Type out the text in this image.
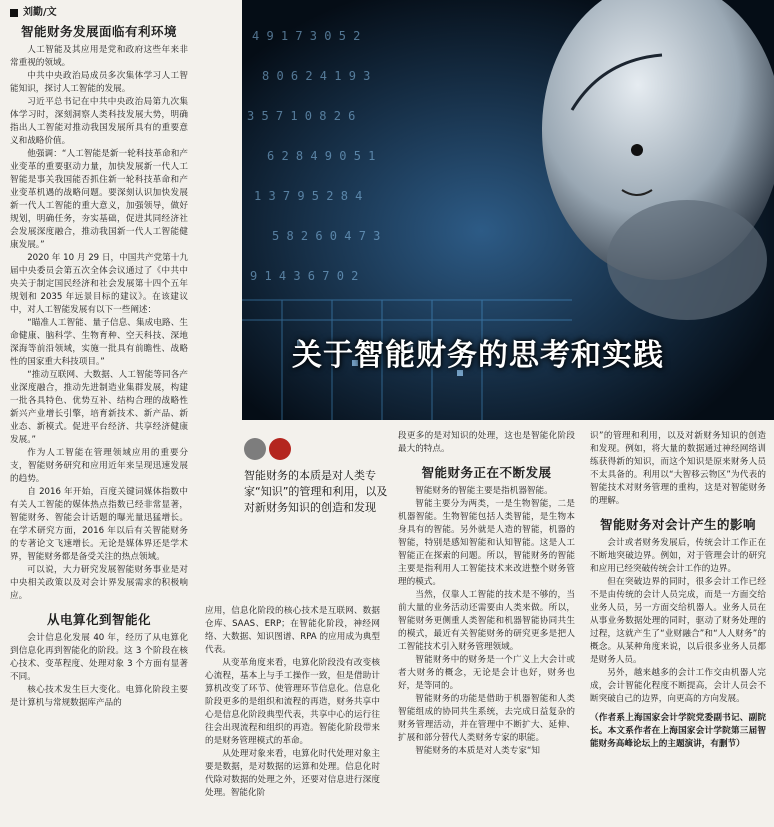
刘勤/文
智能财务发展面临有利环境

人工智能及其应用是党和政府这些年来非常重视的领域。

中共中央政治局成员多次集体学习人工智能知识，探讨人工智能的发展。

习近平总书记在中共中央政治局第九次集体学习时，深刻洞察人类科技发展大势，明确指出人工智能对推动我国发展所具有的重要意义和战略价值。

他强调：“人工智能是新一轮科技革命和产业变革的重要驱动力量，加快发展新一代人工智能是事关我国能否抓住新一轮科技革命和产业变革机遇的战略问题。要深刻认识加快发展新一代人工智能的重大意义，加强领导，做好规划，明确任务，夯实基础，促进其同经济社会发展深度融合，推动我国新一代人工智能健康发展。”

2020 年 10 月 29 日，中国共产党第十九届中央委员会第五次全体会议通过了《中共中央关于制定国民经济和社会发展第十四个五年规划和 2035 年远景目标的建议》。在该建议中，对人工智能发展有以下一些阐述：

“瞄准人工智能、量子信息、集成电路、生命健康、脑科学、生物育种、空天科技、深地深海等前沿领域，实施一批具有前瞻性、战略性的国家重大科技项目。”

“推动互联网、大数据、人工智能等同各产业深度融合，推动先进制造业集群发展，构建一批各具特色、优势互补、结构合理的战略性新兴产业增长引擎，培育新技术、新产品、新业态、新模式。促进平台经济、共享经济健康发展。”

作为人工智能在管理领域应用的重要分支，智能财务研究和应用近年来呈现迅速发展的趋势。

自 2016 年开始，百度关键词媒体指数中有关人工智能的媒体热点指数已经非常显著，智能财务、智能会计话题的曝光量迅猛增长。在学术研究方面，2016 年以后有关智能财务的专著论文飞速增长。无论是媒体界还是学术界，智能财务都是备受关注的热点领域。

可以说，大力研究发展智能财务事业是对中央相关政策以及对会计界发展需求的积极响应。

从电算化到智能化

会计信息化发展 40 年，经历了从电算化到信息化再到智能化的阶段。这 3 个阶段在核心技术、变革程度、处理对象 3 个方面有显著不同。

核心技术发生巨大变化。电算化阶段主要是计算机与常规数据库产品的

4 9 1 7 3 0 5 2
8 0 6 2 4 1 9 3
3 5 7 1 0 8 2 6
6 2 8 4 9 0 5 1
1 3 7 9 5 2 8 4
5 8 2 6 0 4 7 3
9 1 4 3 6 7 0 2
关于智能财务的思考和实践
智能财务的本质是对人类专家“知识”的管理和利用，以及对新财务知识的创造和发现

应用，信息化阶段的核心技术是互联网、数据仓库、SAAS、ERP；在智能化阶段，神经网络、大数据、知识图谱、RPA 的应用成为典型代表。

从变革角度来看，电算化阶段没有改变核心流程，基本上与手工操作一致，但是借助计算机改变了环节、使管理环节信息化。信息化阶段更多的是组织和流程的再造，财务共享中心是信息化阶段典型代表，共享中心的运行往往会出现流程和组织的再造。智能化阶段带来的是财务管理模式的革命。

从处理对象来看，电算化时代处理对象主要是数据，是对数据的运算和处理。信息化时代除对数据的处理之外，还要对信息进行深度处理。智能化阶

段更多的是对知识的处理，这也是智能化阶段最大的特点。

智能财务正在不断发展

智能财务的智能主要是指机器智能。

智能主要分为两类，一是生物智能，二是机器智能。生物智能包括人类智能，是生物本身具有的智能。另外就是人造的智能，机器的智能，特别是感知智能和认知智能。这是人工智能正在探索的问题。所以，智能财务的智能主要是指利用人工智能技术来改进整个财务管理的模式。

当然，仅靠人工智能的技术是不够的，当前大量的业务活动还需要由人类来做。所以，智能财务更侧重人类智能和机器智能协同共生的模式，最近有关智能财务的研究更多是把人工智能技术引入财务管理领域。

智能财务中的财务是一个广义上大会计或者大财务的概念，无论是会计也好，财务也好，是等同的。

智能财务的功能是借助于机器智能和人类智能组成的协同共生系统，去完成日益复杂的财务管理活动，并在管理中不断扩大、延伸、扩展和部分替代人类财务专家的职能。

智能财务的本质是对人类专家“知

识”的管理和利用，以及对新财务知识的创造和发现。例如，将大量的数据通过神经网络训练获得新的知识，而这个知识是原来财务人员不太具备的。利用以“大智移云物区”为代表的智能技术对财务管理的重构，这是对智能财务的理解。

智能财务对会计产生的影响

会计或者财务发展后，传统会计工作正在不断地突破边界。例如，对于管理会计的研究和应用已经突破传统会计工作的边界。

但在突破边界的同时，很多会计工作已经不是由传统的会计人员完成，而是一方面交给业务人员，另一方面交给机器人。业务人员在从事业务数据处理的同时，驱动了财务处理的过程，这就产生了“业财融合”和“人人财务”的概念。从某种角度来说，以后很多业务人员都是财务人员。

另外，越来越多的会计工作交由机器人完成，会计智能化程度不断提高，会计人员会不断突破自己的边界，向更高的方向发展。

（作者系上海国家会计学院党委副书记、副院长。本文系作者在上海国家会计学院第三届智能财务高峰论坛上的主题演讲，有删节）
